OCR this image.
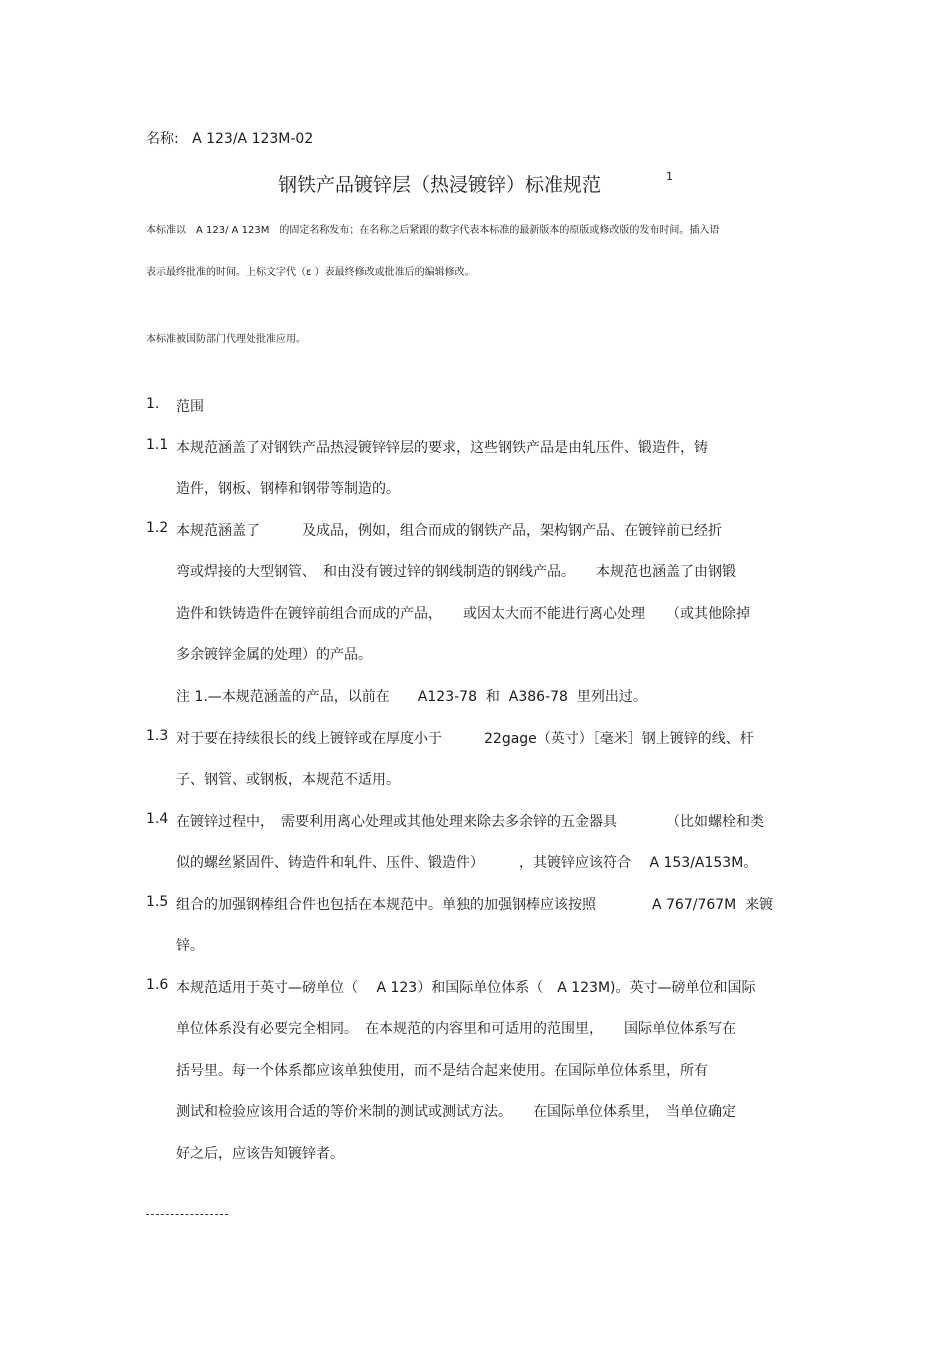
名称: A 123/A 123M-02
钢铁产品镀锌层（热浸镀锌）标准规范	1
本标准以　A 123/ A 123M　的固定名称发布；在名称之后紧跟的数字代表本标准的最新版本的原版或修改版的发布时间。插入语
表示最终批准的时间。上标文字代（ε ）表最终修改或批准后的编辑修改。
本标准被国防部门代理处批准应用。
1. 范围
1.1 本规范涵盖了对钢铁产品热浸镀锌锌层的要求，这些钢铁产品是由轧压件、锻造件，铸
造件，钢板、钢棒和钢带等制造的。
1.2 本规范涵盖了　　　及成品，例如，组合而成的钢铁产品，架构钢产品、在镀锌前已经折
弯或焊接的大型钢管、　和由没有镀过锌的钢线制造的钢线产品。　　本规范也涵盖了由钢锻
造件和铁铸造件在镀锌前组合而成的产品，　　或因太大而不能进行离心处理　　（或其他除掉
多余镀锌金属的处理）的产品。
注 1.—本规范涵盖的产品，以前在　　A123-78  和  A386-78  里列出过。
1.3 对于要在持续很长的线上镀锌或在厚度小于　　　22gage（英寸）［毫米］钢上镀锌的线、杆
子、钢管、或钢板，本规范不适用。
1.4 在镀锌过程中，　需要利用离心处理或其他处理来除去多余锌的五金器具　　　　（比如螺栓和类
似的螺丝紧固件、铸造件和轧件、压件、锻造件）　　　，其镀锌应该符合　 A 153/A153M。
1.5 组合的加强钢棒组合件也包括在本规范中。单独的加强钢棒应该按照　　　　A 767/767M  来镀
锌。
1.6 本规范适用于英寸—磅单位（　 A 123）和国际单位体系（　A 123M)。英寸—磅单位和国际
单位体系没有必要完全相同。　在本规范的内容里和可适用的范围里，　　国际单位体系写在
括号里。每一个体系都应该单独使用，而不是结合起来使用。在国际单位体系里，所有
测试和检验应该用合适的等价米制的测试或测试方法。　　在国际单位体系里，　当单位确定
好之后，应该告知镀锌者。
